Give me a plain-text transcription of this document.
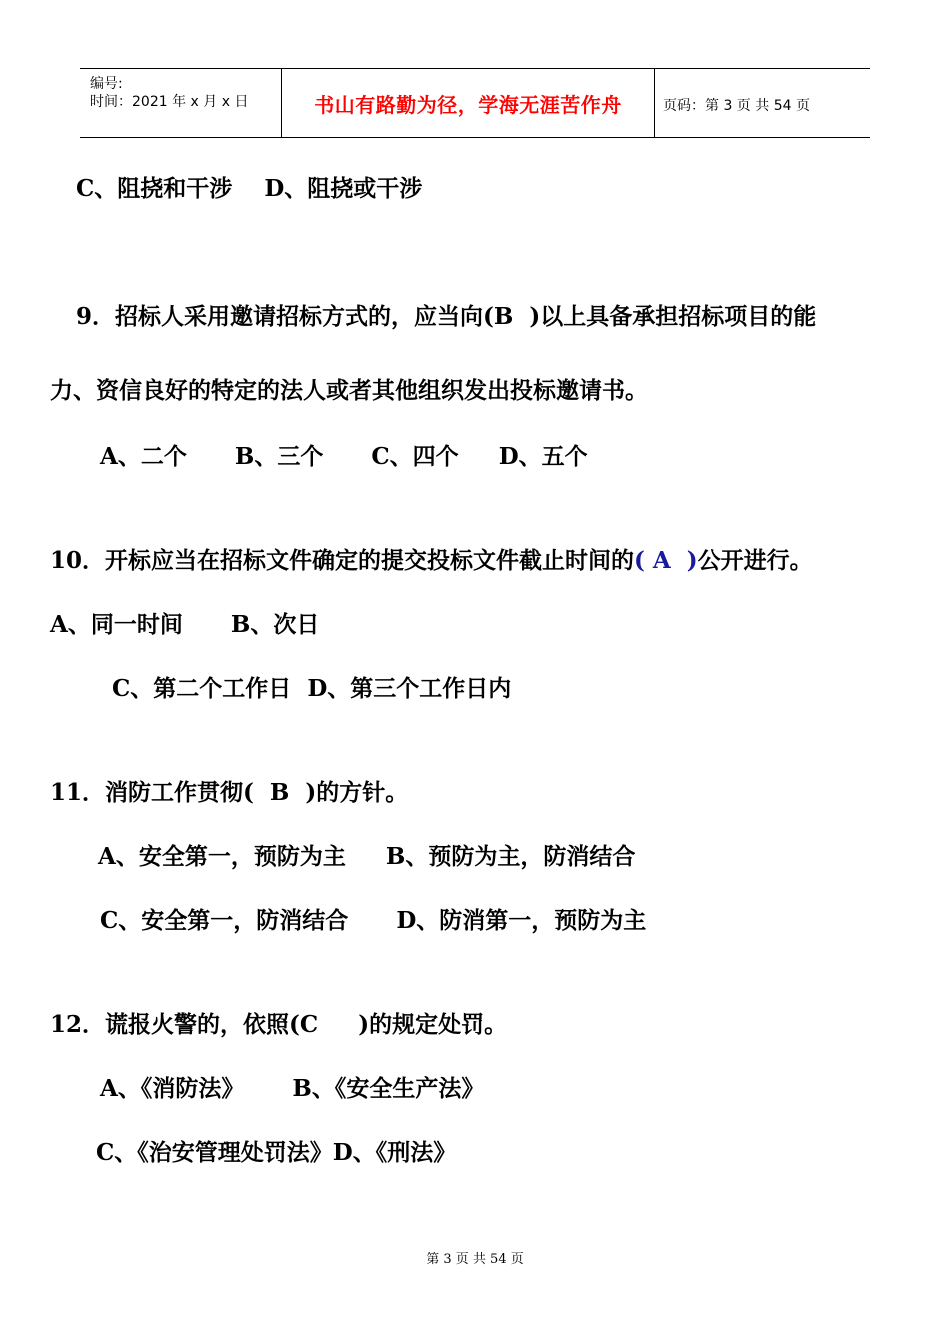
编号:
时间：2021 年 x 月 x 日	书山有路勤为径，学海无涯苦作舟	页码：第 3 页 共 54 页
C、阻挠和干涉    D、阻挠或干涉
9．招标人采用邀请招标方式的，应当向(B  )以上具备承担招标项目的能
力、资信良好的特定的法人或者其他组织发出投标邀请书。
A、二个      B、三个      C、四个     D、五个
10．开标应当在招标文件确定的提交投标文件截止时间的( A  )公开进行。
A、同一时间      B、次日
C、第二个工作日  D、第三个工作日内
11．消防工作贯彻(  B  )的方针。
A、安全第一，预防为主     B、预防为主，防消结合
C、安全第一，防消结合      D、防消第一，预防为主
12．谎报火警的，依照(C     )的规定处罚。
A、《消防法》      B、《安全生产法》
C、《治安管理处罚法》D、《刑法》
第 3 页 共 54 页
